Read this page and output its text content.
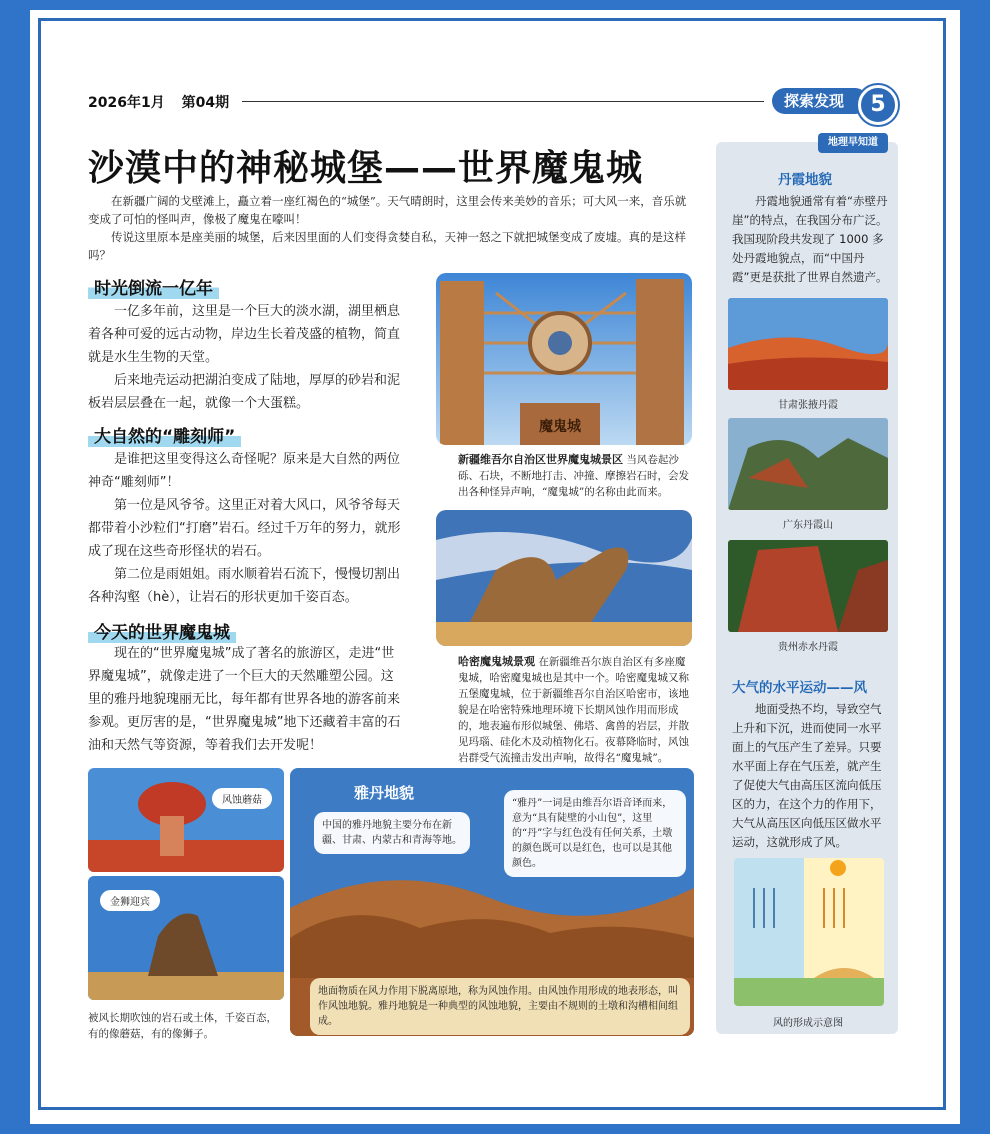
2026年1月 第04期	探索发现	5
沙漠中的神秘城堡——世界魔鬼城

在新疆广阔的戈壁滩上，矗立着一座红褐色的“城堡”。天气晴朗时，这里会传来美妙的音乐；可大风一来，音乐就变成了可怕的怪叫声，像极了魔鬼在嚎叫！

传说这里原本是座美丽的城堡，后来因里面的人们变得贪婪自私，天神一怒之下就把城堡变成了废墟。真的是这样吗？

时光倒流一亿年

一亿多年前，这里是一个巨大的淡水湖，湖里栖息着各种可爱的远古动物，岸边生长着茂盛的植物，简直就是水生生物的天堂。

后来地壳运动把湖泊变成了陆地，厚厚的砂岩和泥板岩层层叠在一起，就像一个大蛋糕。

大自然的“雕刻师”

是谁把这里变得这么奇怪呢？原来是大自然的两位神奇“雕刻师”！

第一位是风爷爷。这里正对着大风口，风爷爷每天都带着小沙粒们“打磨”岩石。经过千万年的努力，就形成了现在这些奇形怪状的岩石。

第二位是雨姐姐。雨水顺着岩石流下，慢慢切割出各种沟壑（hè），让岩石的形状更加千姿百态。

今天的世界魔鬼城

现在的“世界魔鬼城”成了著名的旅游区，走进“世界魔鬼城”，就像走进了一个巨大的天然雕塑公园。这里的雅丹地貌瑰丽无比，每年都有世界各地的游客前来参观。更厉害的是，“世界魔鬼城”地下还藏着丰富的石油和天然气等资源，等着我们去开发呢！

魔鬼城
新疆维吾尔自治区世界魔鬼城景区 当风卷起沙砾、石块，不断地打击、冲撞、摩擦岩石时，会发出各种怪异声响，“魔鬼城”的名称由此而来。
哈密魔鬼城景观 在新疆维吾尔族自治区有多座魔鬼城，哈密魔鬼城也是其中一个。哈密魔鬼城又称五堡魔鬼城，位于新疆维吾尔自治区哈密市，该地貌是在哈密特殊地理环境下长期风蚀作用而形成的，地表遍布形似城堡、佛塔、禽兽的岩层，并散见玛瑙、硅化木及动植物化石。夜幕降临时，风蚀岩群受气流撞击发出声响，故得名“魔鬼城”。
风蚀蘑菇
金狮迎宾
被风长期吹蚀的岩石或土体，千姿百态，有的像蘑菇，有的像狮子。
雅丹地貌
中国的雅丹地貌主要分布在新疆、甘肃、内蒙古和青海等地。
“雅丹”一词是由维吾尔语音译而来，意为“具有陡壁的小山包”，这里的“丹”字与红色没有任何关系，土墩的颜色既可以是红色，也可以是其他颜色。
地面物质在风力作用下脱离原地，称为风蚀作用。由风蚀作用形成的地表形态，叫作风蚀地貌。雅丹地貌是一种典型的风蚀地貌，主要由不规则的土墩和沟槽相间组成。
地理早知道
丹霞地貌

丹霞地貌通常有着“赤壁丹崖”的特点，在我国分布广泛。我国现阶段共发现了 1000 多处丹霞地貌点，而“中国丹霞”更是获批了世界自然遗产。

甘肃张掖丹霞
广东丹霞山
贵州赤水丹霞
大气的水平运动——风

地面受热不均，导致空气上升和下沉，进而使同一水平面上的气压产生了差异。只要水平面上存在气压差，就产生了促使大气由高压区流向低压区的力，在这个力的作用下，大气从高压区向低压区做水平运动，这就形成了风。

风的形成示意图
